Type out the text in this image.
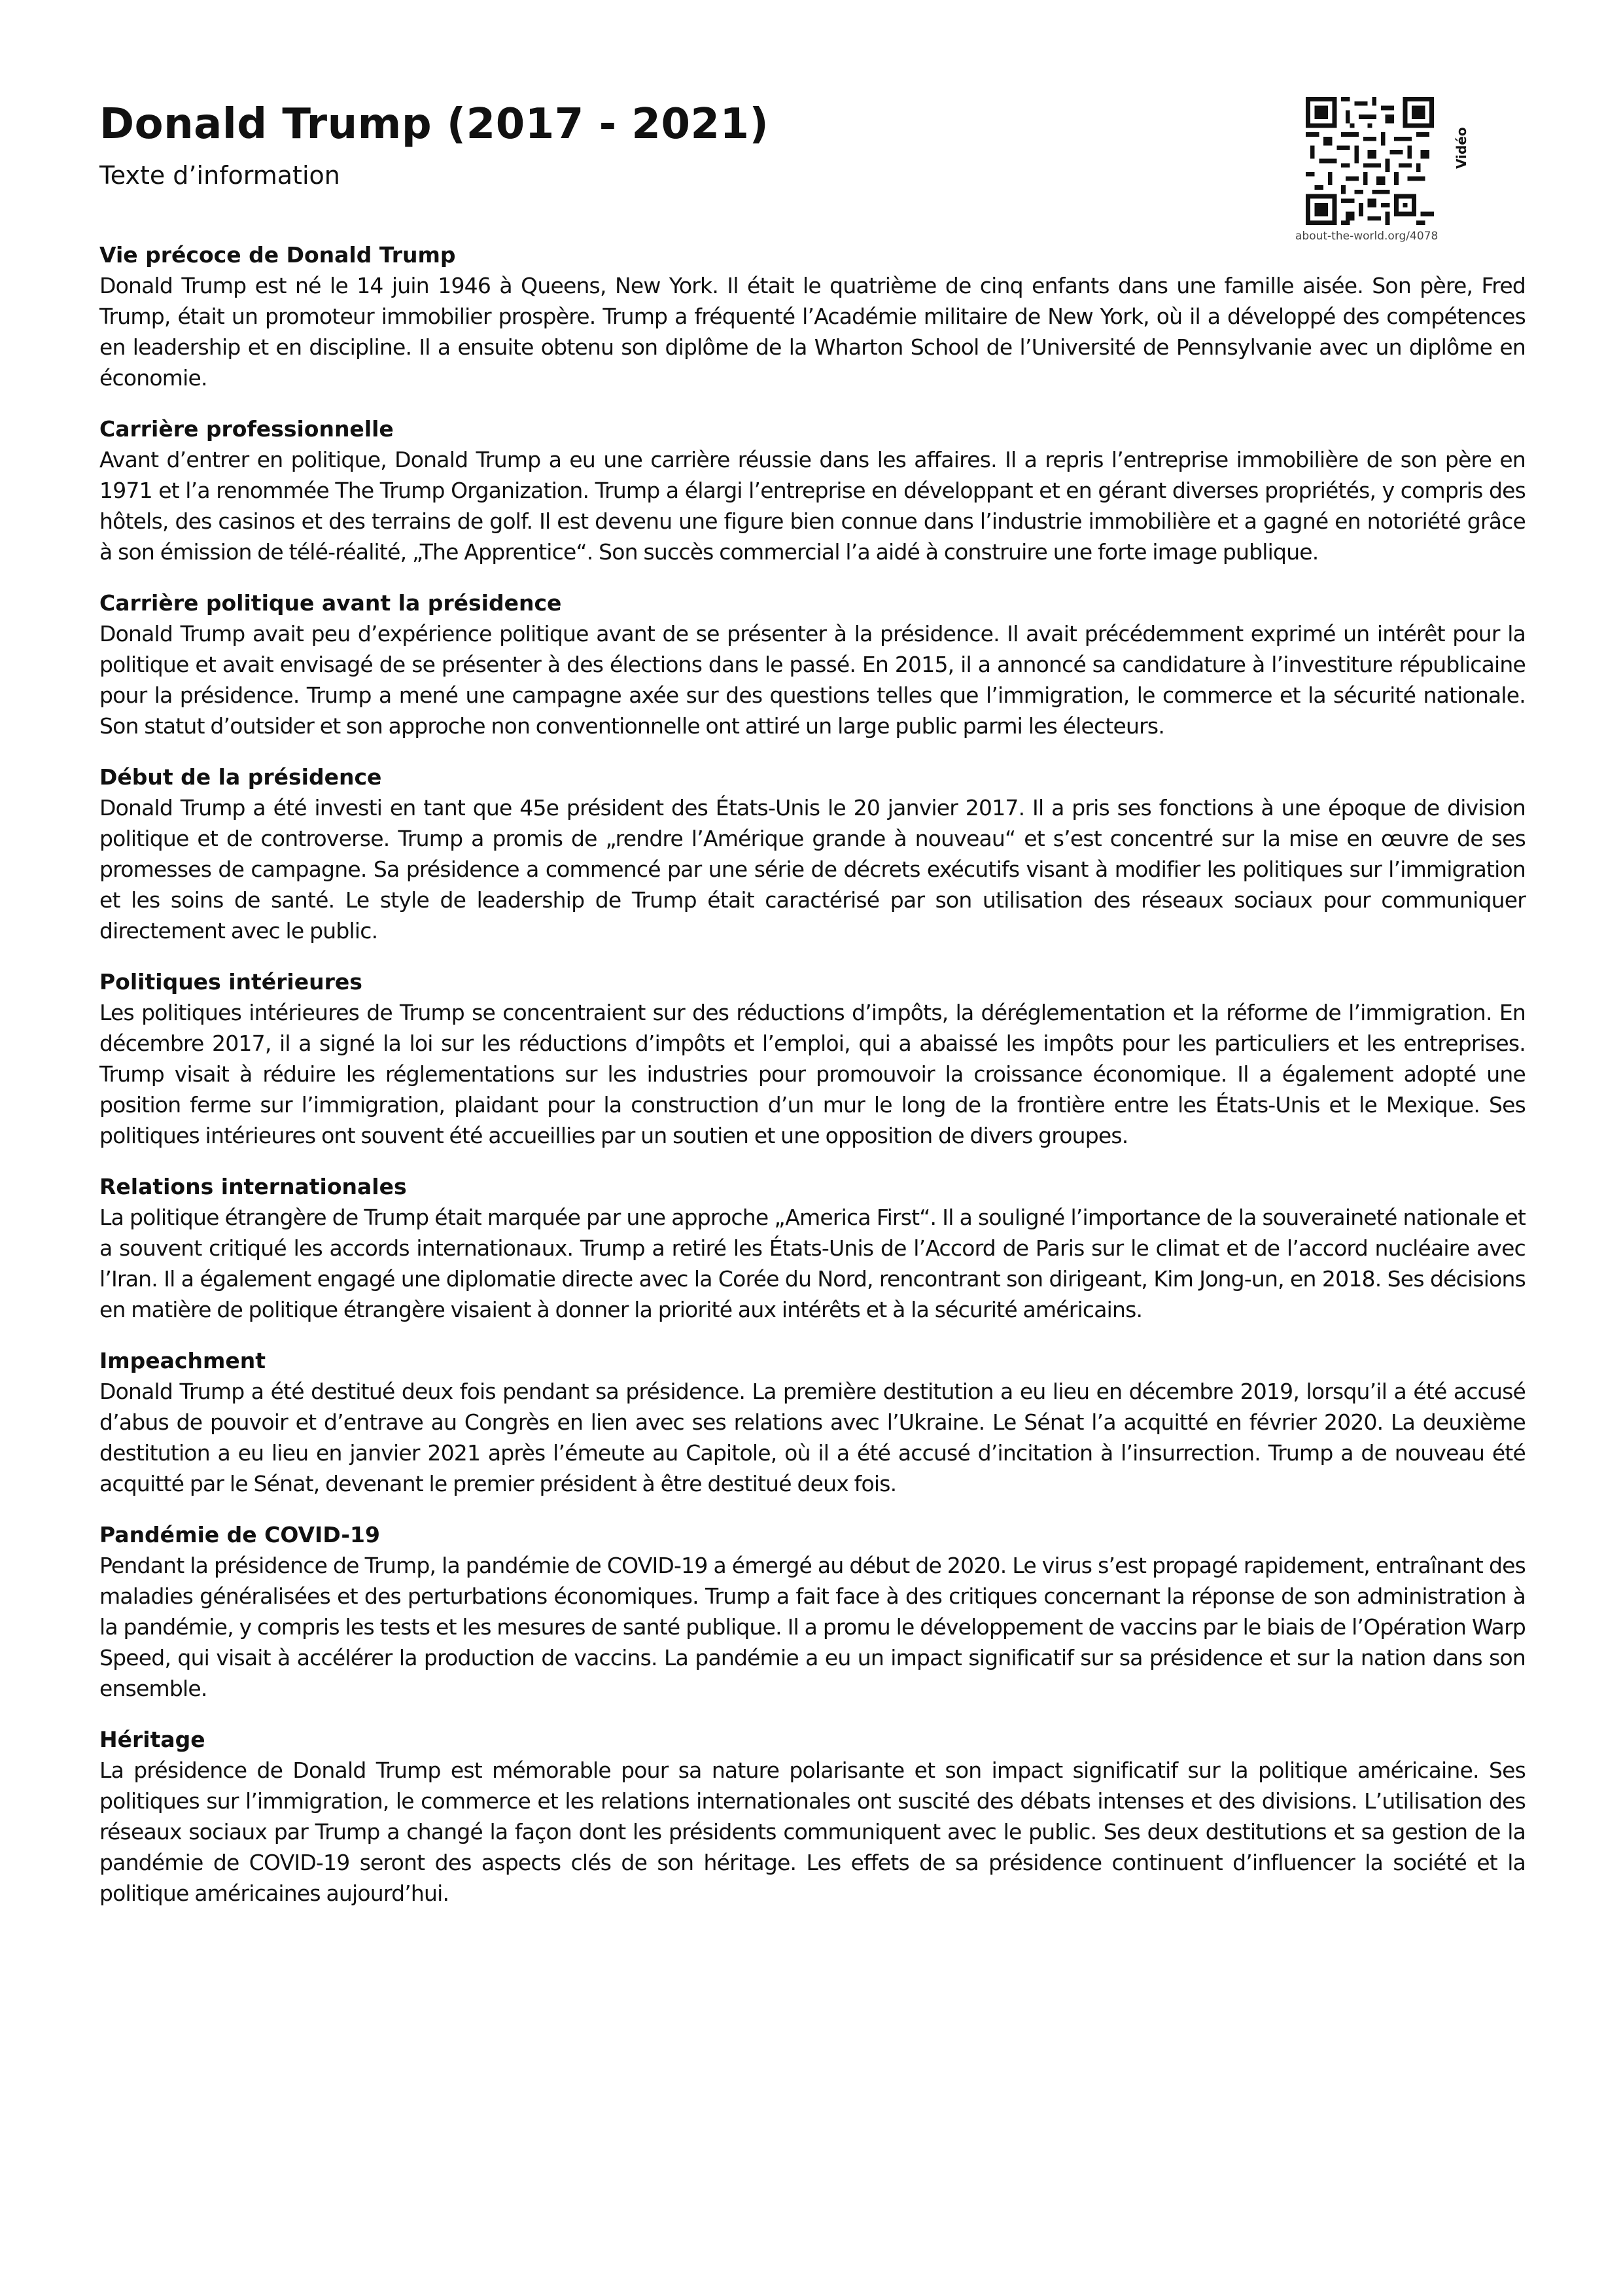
Donald Trump (2017 - 2021)
Texte d’information
about-the-world.org/4078
Vidéo
Vie précoce de Donald Trump

Donald Trump est né le 14 juin 1946 à Queens, New York. Il était le quatrième de cinq enfants dans une famille aisée. Son père, Fred Trump, était un promoteur immobilier prospère. Trump a fréquenté l’Académie militaire de New York, où il a développé des compétences en leadership et en discipline. Il a ensuite obtenu son diplôme de la Wharton School de l’Université de Pennsylvanie avec un diplôme en économie.

Carrière professionnelle

Avant d’entrer en politique, Donald Trump a eu une carrière réussie dans les affaires. Il a repris l’entreprise immobilière de son père en 1971 et l’a renommée The Trump Organization. Trump a élargi l’entreprise en développant et en gérant diverses propriétés, y compris des hôtels, des casinos et des terrains de golf. Il est devenu une figure bien connue dans l’industrie immobilière et a gagné en notoriété grâce à son émission de télé-réalité, „The Apprentice“. Son succès commercial l’a aidé à construire une forte image publique.

Carrière politique avant la présidence

Donald Trump avait peu d’expérience politique avant de se présenter à la présidence. Il avait précédemment exprimé un intérêt pour la politique et avait envisagé de se présenter à des élections dans le passé. En 2015, il a annoncé sa candidature à l’investiture républicaine pour la présidence. Trump a mené une campagne axée sur des questions telles que l’immigration, le commerce et la sécurité nationale. Son statut d’outsider et son approche non conventionnelle ont attiré un large public parmi les électeurs.

Début de la présidence

Donald Trump a été investi en tant que 45e président des États-Unis le 20 janvier 2017. Il a pris ses fonctions à une époque de division politique et de controverse. Trump a promis de „rendre l’Amérique grande à nouveau“ et s’est concentré sur la mise en œuvre de ses promesses de campagne. Sa présidence a commencé par une série de décrets exécutifs visant à modifier les politiques sur l’immigration et les soins de santé. Le style de leadership de Trump était caractérisé par son utilisation des réseaux sociaux pour communiquer directement avec le public.

Politiques intérieures

Les politiques intérieures de Trump se concentraient sur des réductions d’impôts, la déréglementation et la réforme de l’immigration. En décembre 2017, il a signé la loi sur les réductions d’impôts et l’emploi, qui a abaissé les impôts pour les particuliers et les entreprises. Trump visait à réduire les réglementations sur les industries pour promouvoir la croissance économique. Il a également adopté une position ferme sur l’immigration, plaidant pour la construction d’un mur le long de la frontière entre les États-Unis et le Mexique. Ses politiques intérieures ont souvent été accueillies par un soutien et une opposition de divers groupes.

Relations internationales

La politique étrangère de Trump était marquée par une approche „America First“. Il a souligné l’importance de la souveraineté nationale et a souvent critiqué les accords internationaux. Trump a retiré les États-Unis de l’Accord de Paris sur le climat et de l’accord nucléaire avec l’Iran. Il a également engagé une diplomatie directe avec la Corée du Nord, rencontrant son dirigeant, Kim Jong-un, en 2018. Ses décisions en matière de politique étrangère visaient à donner la priorité aux intérêts et à la sécurité américains.

Impeachment

Donald Trump a été destitué deux fois pendant sa présidence. La première destitution a eu lieu en décembre 2019, lorsqu’il a été accusé d’abus de pouvoir et d’entrave au Congrès en lien avec ses relations avec l’Ukraine. Le Sénat l’a acquitté en février 2020. La deuxième destitution a eu lieu en janvier 2021 après l’émeute au Capitole, où il a été accusé d’incitation à l’insurrection. Trump a de nouveau été acquitté par le Sénat, devenant le premier président à être destitué deux fois.

Pandémie de COVID-19

Pendant la présidence de Trump, la pandémie de COVID-19 a émergé au début de 2020. Le virus s’est propagé rapidement, entraînant des maladies généralisées et des perturbations économiques. Trump a fait face à des critiques concernant la réponse de son administration à la pandémie, y compris les tests et les mesures de santé publique. Il a promu le développement de vaccins par le biais de l’Opération Warp Speed, qui visait à accélérer la production de vaccins. La pandémie a eu un impact significatif sur sa présidence et sur la nation dans son ensemble.

Héritage

La présidence de Donald Trump est mémorable pour sa nature polarisante et son impact significatif sur la politique américaine. Ses politiques sur l’immigration, le commerce et les relations internationales ont suscité des débats intenses et des divisions. L’utilisation des réseaux sociaux par Trump a changé la façon dont les présidents communiquent avec le public. Ses deux destitutions et sa gestion de la pandémie de COVID-19 seront des aspects clés de son héritage. Les effets de sa présidence continuent d’influencer la société et la politique américaines aujourd’hui.
